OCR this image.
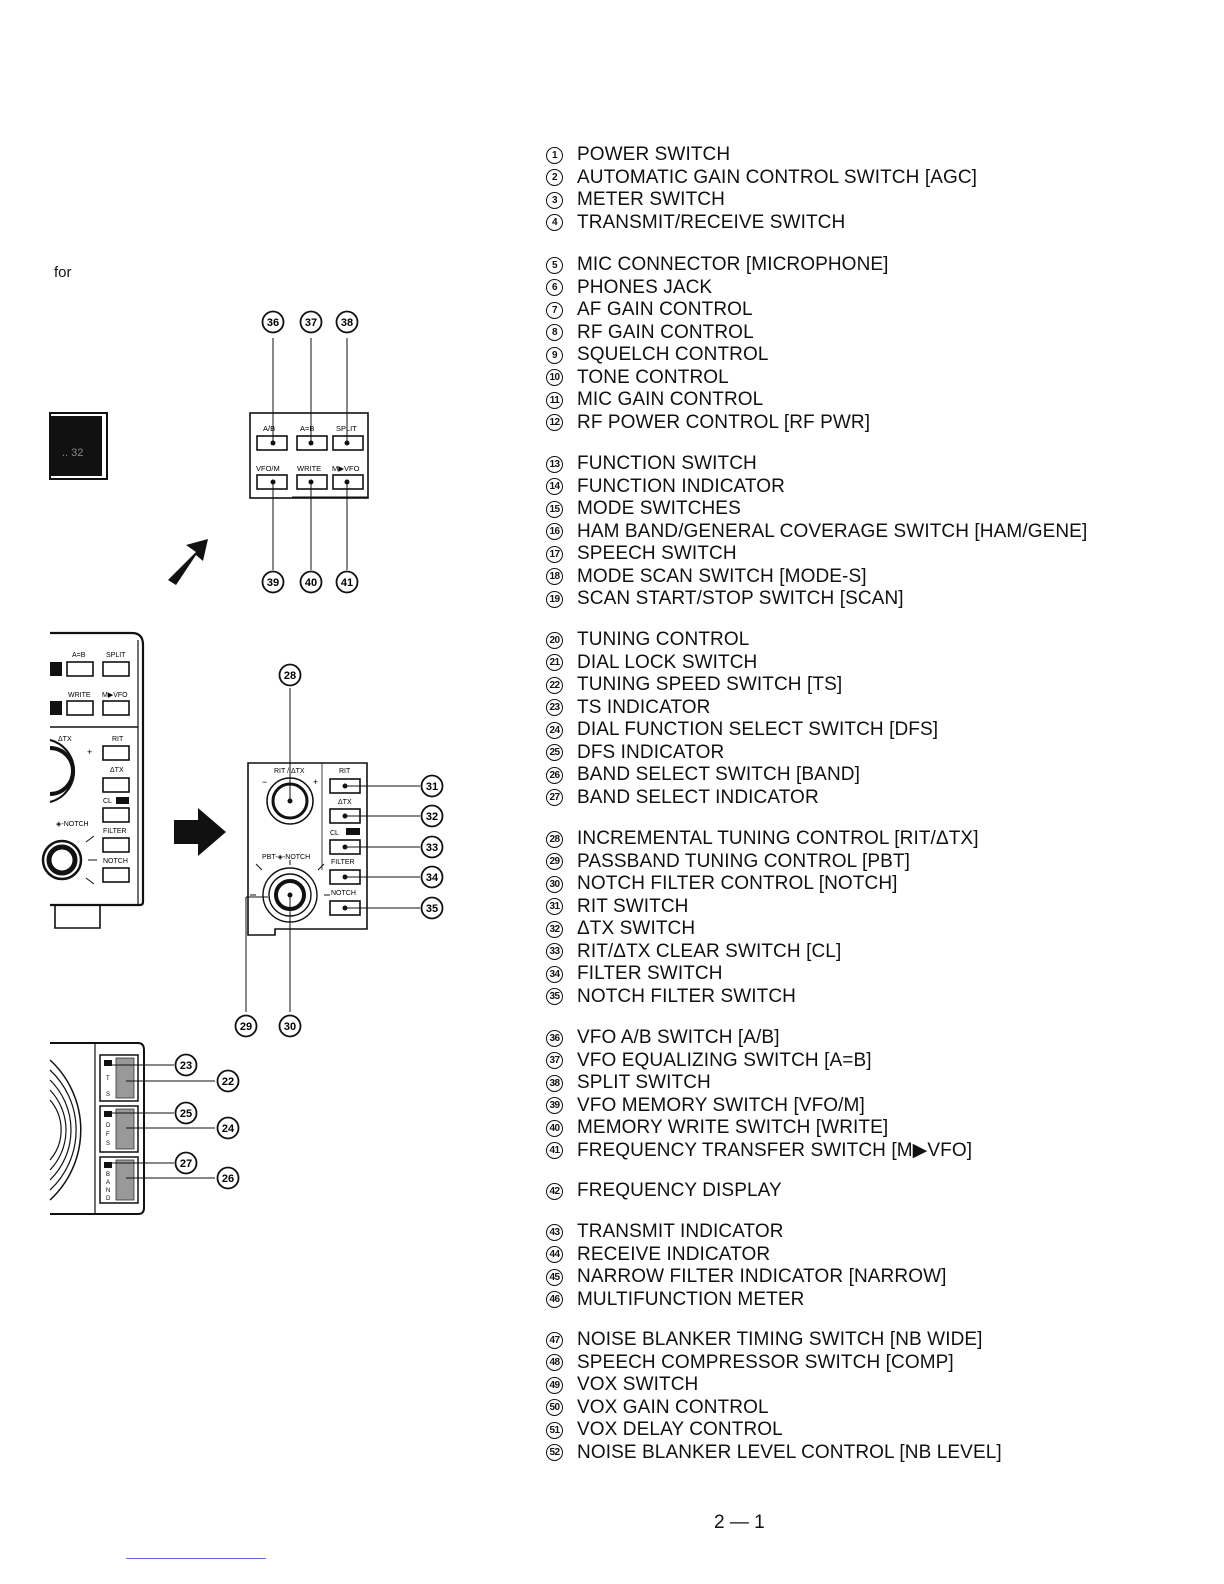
.. 32
A/B	A=B	SPLIT
VFO/M WRITE M▶VFO
36 37 38
39 40 41
A=B	SPLIT
WRITE M▶VFO
ΔTX	RIT
+
ΔTX
CL
◈-NOTCH
FILTER
NOTCH
RIT / ΔTX	RIT
−	+
ΔTX
CL
PBT-◈-NOTCH
FILTER
NOTCH
28
31
32
33
34
35
29	30
T
S
D
F
S
B
A
N
D
23
22
25
24
27
26
for
1	POWER SWITCH
2	AUTOMATIC GAIN CONTROL SWITCH [AGC]
3	METER SWITCH
4	TRANSMIT/RECEIVE SWITCH
5	MIC CONNECTOR [MICROPHONE]
6	PHONES JACK
7	AF GAIN CONTROL
8	RF GAIN CONTROL
9	SQUELCH CONTROL
10 TONE CONTROL
11 MIC GAIN CONTROL
12 RF POWER CONTROL [RF PWR]
13 FUNCTION SWITCH
14 FUNCTION INDICATOR
15 MODE SWITCHES
16 HAM BAND/GENERAL COVERAGE SWITCH [HAM/GENE]
17 SPEECH SWITCH
18 MODE SCAN SWITCH [MODE-S]
19 SCAN START/STOP SWITCH [SCAN]
20 TUNING CONTROL
21 DIAL LOCK SWITCH
22 TUNING SPEED SWITCH [TS]
23 TS INDICATOR
24 DIAL FUNCTION SELECT SWITCH [DFS]
25 DFS INDICATOR
26 BAND SELECT SWITCH [BAND]
27 BAND SELECT INDICATOR
28 INCREMENTAL TUNING CONTROL [RIT/ΔTX]
29 PASSBAND TUNING CONTROL [PBT]
30 NOTCH FILTER CONTROL [NOTCH]
31 RIT SWITCH
32 ΔTX SWITCH
33 RIT/ΔTX CLEAR SWITCH [CL]
34 FILTER SWITCH
35 NOTCH FILTER SWITCH
36 VFO A/B SWITCH [A/B]
37 VFO EQUALIZING SWITCH [A=B]
38 SPLIT SWITCH
39 VFO MEMORY SWITCH [VFO/M]
40 MEMORY WRITE SWITCH [WRITE]
41 FREQUENCY TRANSFER SWITCH [M▶VFO]
42 FREQUENCY DISPLAY
43 TRANSMIT INDICATOR
44 RECEIVE INDICATOR
45 NARROW FILTER INDICATOR [NARROW]
46 MULTIFUNCTION METER
47 NOISE BLANKER TIMING SWITCH [NB WIDE]
48 SPEECH COMPRESSOR SWITCH [COMP]
49 VOX SWITCH
50 VOX GAIN CONTROL
51 VOX DELAY CONTROL
52 NOISE BLANKER LEVEL CONTROL [NB LEVEL]
2 — 1
